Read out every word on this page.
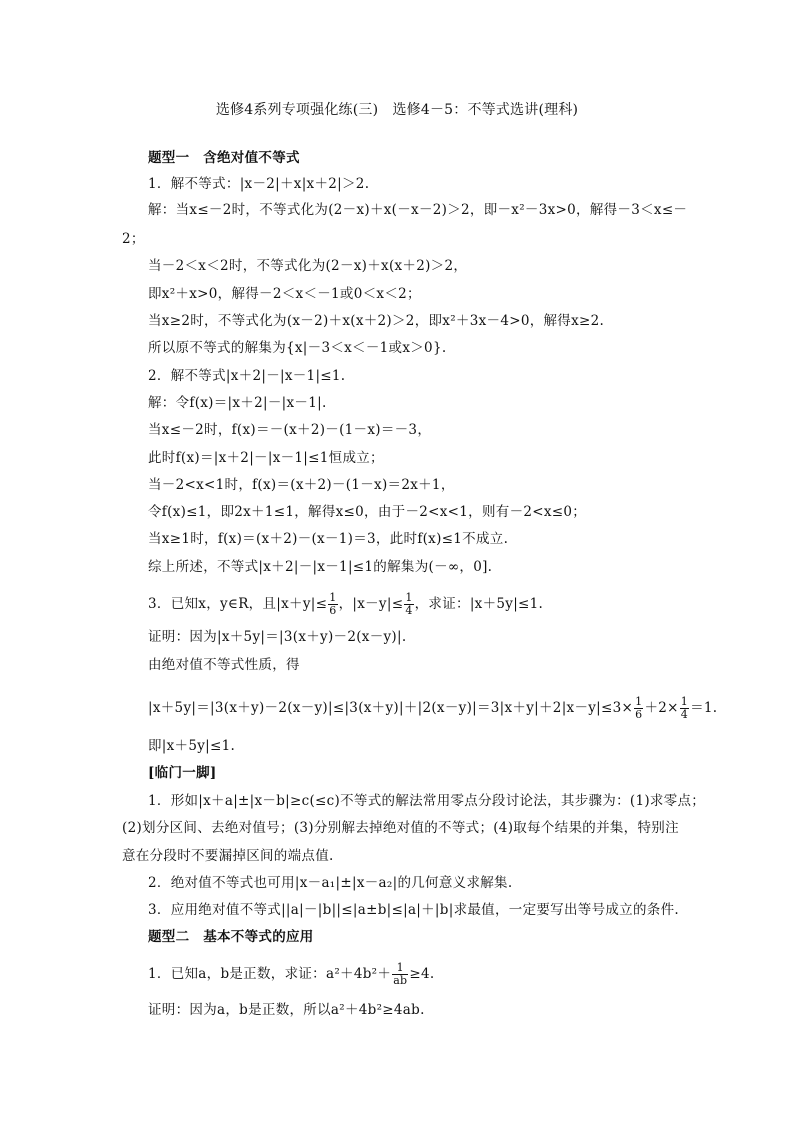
选修4系列专项强化练(三)　选修4－5：不等式选讲(理科)
题型一　含绝对值不等式
1．解不等式：|x－2|＋x|x＋2|＞2.
解：当x≤－2时，不等式化为(2－x)＋x(－x－2)＞2，即－x²－3x>0，解得－3＜x≤－
2；
当－2＜x＜2时，不等式化为(2－x)＋x(x＋2)＞2，
即x²＋x>0，解得－2＜x＜－1或0＜x＜2；
当x≥2时，不等式化为(x－2)＋x(x＋2)＞2，即x²＋3x－4>0，解得x≥2.
所以原不等式的解集为{x|－3＜x＜－1或x＞0}.
2．解不等式|x＋2|－|x－1|≤1.
解：令f(x)＝|x＋2|－|x－1|.
当x≤－2时，f(x)＝－(x＋2)－(1－x)＝－3，
此时f(x)＝|x＋2|－|x－1|≤1恒成立；
当－2<x<1时，f(x)＝(x＋2)－(1－x)＝2x＋1，
令f(x)≤1，即2x＋1≤1，解得x≤0，由于－2<x<1，则有－2<x≤0；
当x≥1时，f(x)＝(x＋2)－(x－1)＝3，此时f(x)≤1不成立.
综上所述，不等式|x＋2|－|x－1|≤1的解集为(－∞，0].
3．已知x，y∈R，且$|x+y|\le \frac{1}{6}$ ，$|x-y|\le \frac{1}{4}$ ，求证：|x＋5y|≤1.
证明：因为|x＋5y|＝|3(x＋y)－2(x－y)|.
由绝对值不等式性质，得
$|x+5y|=|3(x+y)-2(x-y)|\le|3(x+y)|+|2(x-y)|=3|x+y|+2|x-y|\le 3\times \frac{1}{6} +2\times \frac{1}{4} =1$.
即|x＋5y|≤1.
[临门一脚]
1．形如|x＋a|±|x－b|≥c(≤c)不等式的解法常用零点分段讨论法，其步骤为：(1)求零点；
(2)划分区间、去绝对值号；(3)分别解去掉绝对值的不等式；(4)取每个结果的并集，特别注
意在分段时不要漏掉区间的端点值.
2．绝对值不等式也可用|x－a₁|±|x－a₂|的几何意义求解集.
3．应用绝对值不等式||a|－|b||≤|a±b|≤|a|＋|b|求最值，一定要写出等号成立的条件.
题型二　基本不等式的应用
1．已知a，b是正数，求证：$a^2+4b^2+ \frac{1}{ab} \ge 4$.
证明：因为a，b是正数，所以a²＋4b²≥4ab.
